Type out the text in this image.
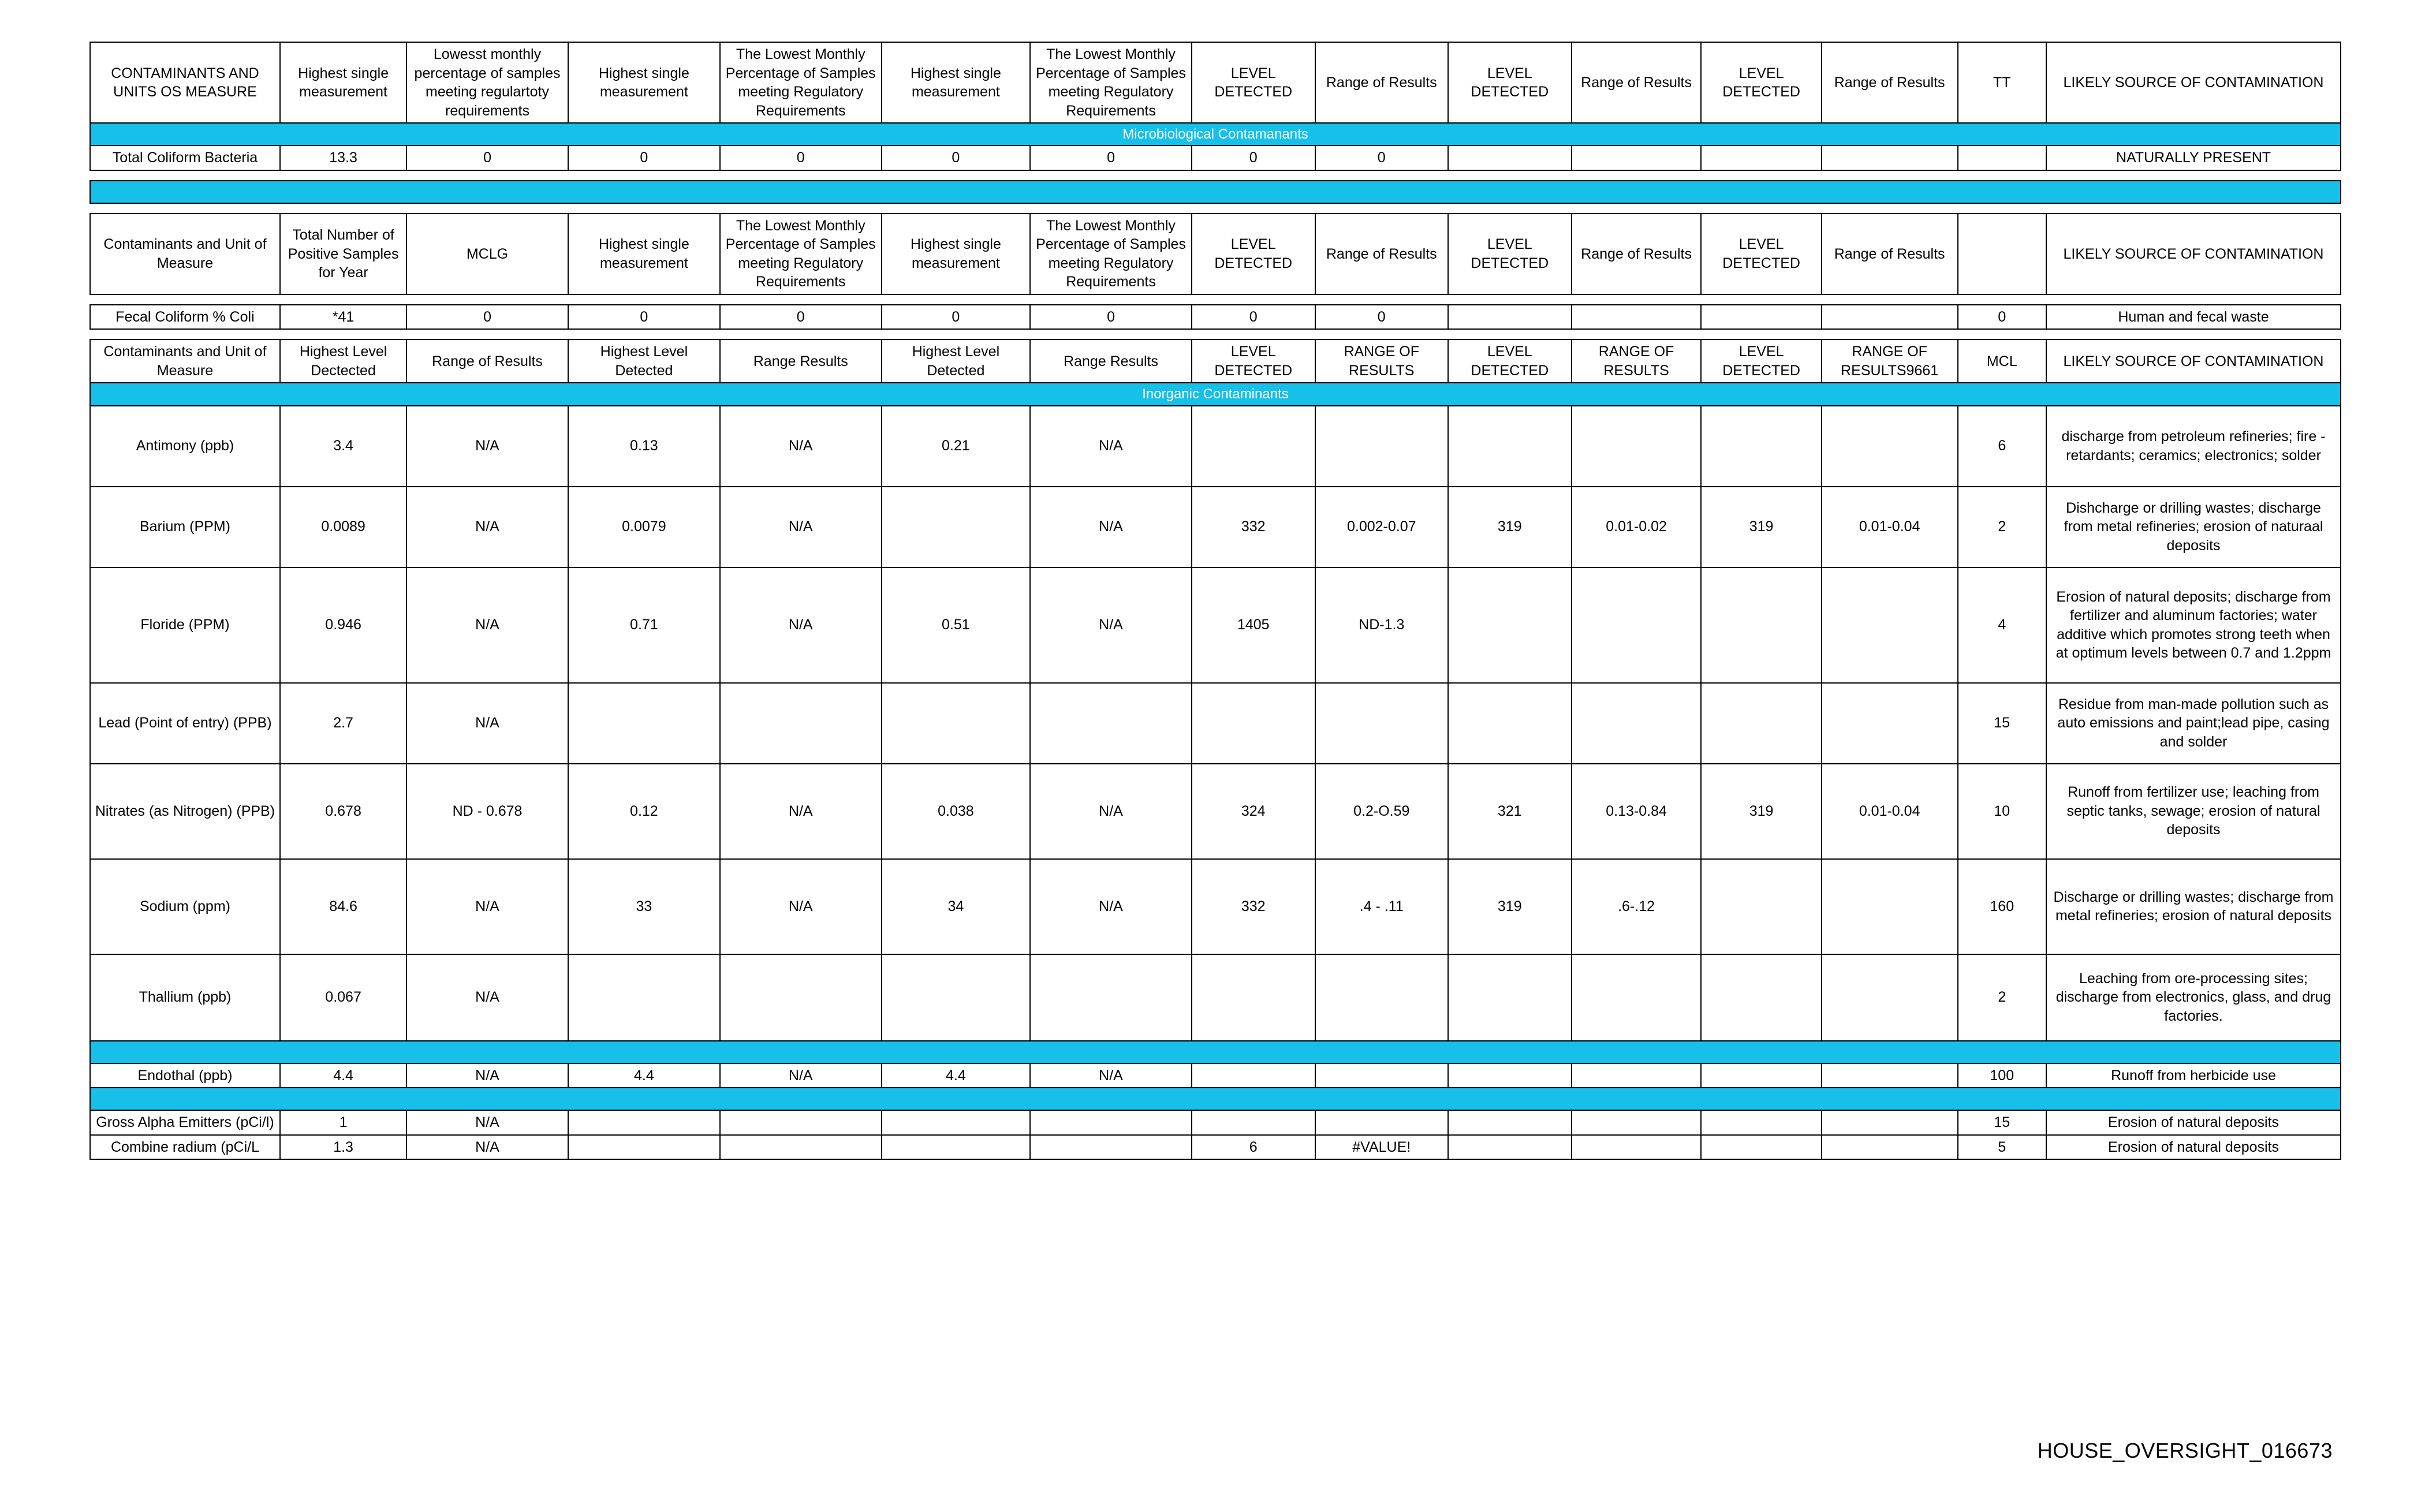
CONTAMINANTS AND UNITS OS MEASURE	Highest single measurement	Lowesst monthly percentage of samples meeting regulartoty requirements	Highest single measurement	The Lowest Monthly Percentage of Samples meeting Regulatory Requirements	Highest single measurement	The Lowest Monthly Percentage of Samples meeting Regulatory Requirements	LEVEL DETECTED	Range of Results	LEVEL DETECTED	Range of Results	LEVEL DETECTED	Range of Results	TT	LIKELY SOURCE OF CONTAMINATION
Microbiological Contamanants														
Total Coliform Bacteria	13.3	0	0	0	0	0	0	0						NATURALLY PRESENT

Contaminants and Unit of Measure	Total Number of Positive Samples for Year	MCLG	Highest single measurement	The Lowest Monthly Percentage of Samples meeting Regulatory Requirements	Highest single measurement	The Lowest Monthly Percentage of Samples meeting Regulatory Requirements	LEVEL DETECTED	Range of Results	LEVEL DETECTED	Range of Results	LEVEL DETECTED	Range of Results		LIKELY SOURCE OF CONTAMINATION

Fecal Coliform % Coli	*41	0	0	0	0	0	0	0					0	Human and fecal waste

Contaminants and Unit of Measure	Highest Level Dectected	Range of Results	Highest Level Detected	Range Results	Highest Level Detected	Range Results	LEVEL DETECTED	RANGE OF RESULTS	LEVEL DETECTED	RANGE OF RESULTS	LEVEL DETECTED	RANGE OF RESULTS9661	MCL	LIKELY SOURCE OF CONTAMINATION
Inorganic Contaminants														
Antimony (ppb)	3.4	N/A	0.13	N/A	0.21	N/A							6	discharge from petroleum refineries; fire - retardants; ceramics; electronics; solder
Barium (PPM)	0.0089	N/A	0.0079	N/A		N/A	332	0.002-0.07	319	0.01-0.02	319	0.01-0.04	2	Dishcharge or drilling wastes; discharge from metal refineries; erosion of naturaal deposits
Floride (PPM)	0.946	N/A	0.71	N/A	0.51	N/A	1405	ND-1.3					4	Erosion of natural deposits; discharge from fertilizer and aluminum factories; water additive which promotes strong teeth when at optimum levels between 0.7 and 1.2ppm
Lead (Point of entry) (PPB)	2.7	N/A											15	Residue from man-made pollution such as auto emissions and paint;lead pipe, casing and solder
Nitrates (as Nitrogen) (PPB)	0.678	ND - 0.678	0.12	N/A	0.038	N/A	324	0.2-O.59	321	0.13-0.84	319	0.01-0.04	10	Runoff from fertilizer use; leaching from septic tanks, sewage; erosion of natural deposits
Sodium (ppm)	84.6	N/A	33	N/A	34	N/A	332	.4 - .11	319	.6-.12			160	Discharge or drilling wastes; discharge from metal refineries; erosion of natural deposits
Thallium (ppb)	0.067	N/A											2	Leaching from ore-processing sites; discharge from electronics, glass, and drug factories.

Endothal (ppb)	4.4	N/A	4.4	N/A	4.4	N/A							100	Runoff from herbicide use

Gross Alpha Emitters (pCi/l)	1	N/A											15	Erosion of natural deposits
Combine radium (pCi/L	1.3	N/A					6	#VALUE!					5	Erosion of natural deposits
HOUSE_OVERSIGHT_016673
